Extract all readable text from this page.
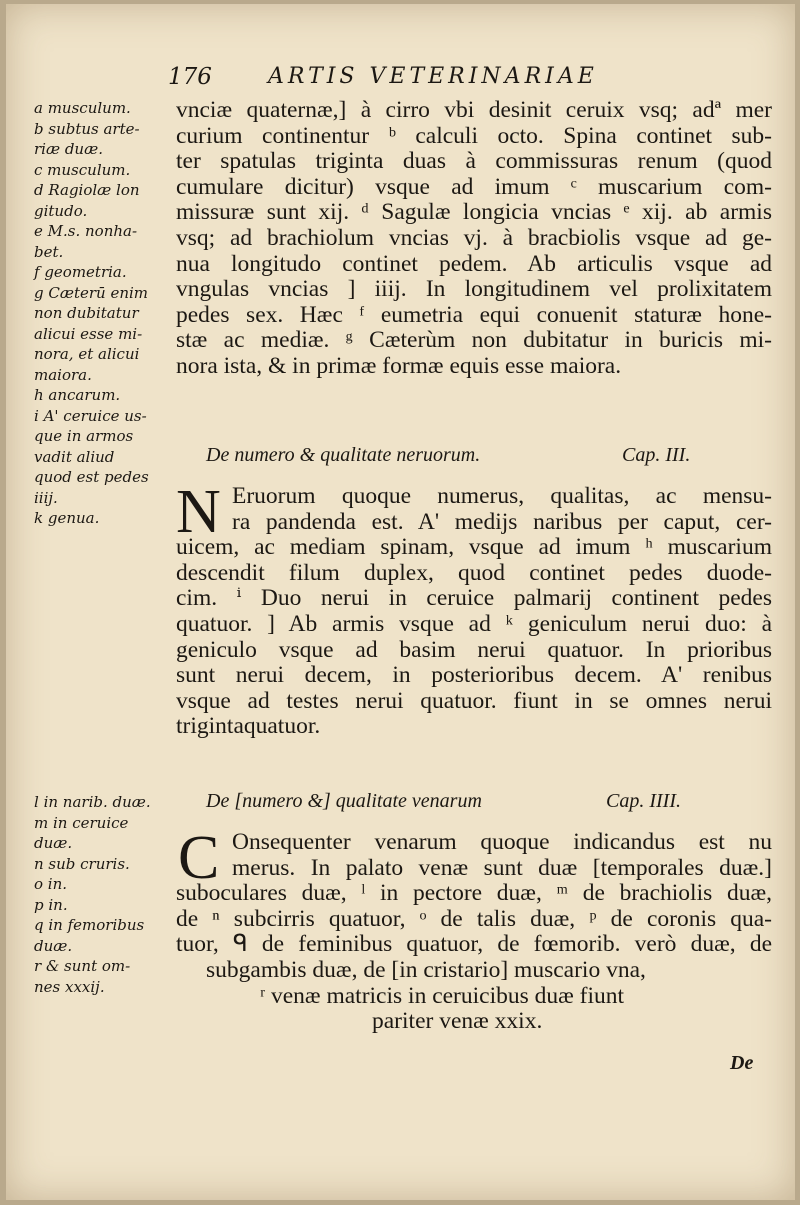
176	ARTIS VETERINARIAE

a musculum.

b subtus arte-
riæ duæ.

c musculum.

d Ragiolæ lon
gitudo.

e M.s. nonha-
bet.

f geometria.

g Cæterū enim
non dubitatur
alicui esse mi-
nora, et alicui
maiora.

h ancarum.

i A' ceruice us-
que in armos
vadit aliud
quod est pedes
iiij.

k genua.

l in narib. duæ.

m in ceruice
duæ.

n sub cruris.

o in.

p in.

q in femoribus
duæ.

r & sunt om-
nes xxxij.

vnciæ quaternæ,] à cirro vbi desinit ceruix vsq; adª mer
curium continentur ᵇ calculi octo. Spina continet sub-
ter spatulas triginta duas à commissuras renum (quod
cumulare dicitur) vsque ad imum ᶜ muscarium com-
missuræ sunt xij. ᵈ Sagulæ longicia vncias ᵉ xij. ab armis
vsq; ad brachiolum vncias vj. à bracbiolis vsque ad ge-
nua longitudo continet pedem. Ab articulis vsque ad
vngulas vncias ] iiij. In longitudinem vel prolixitatem
pedes sex. Hæc ᶠ eumetria equi conuenit staturæ hone-
stæ ac mediæ. ᵍ Cæterùm non dubitatur in buricis mi-
nora ista, & in primæ formæ equis esse maiora.
De numero & qualitate neruorum.	Cap. III.
N Eruorum quoque numerus, qualitas, ac mensu-
ra pandenda est. A' medijs naribus per caput, cer-
uicem, ac mediam spinam, vsque ad imum ʰ muscarium
descendit filum duplex, quod continet pedes duode-
cim. ⁱ Duo nerui in ceruice palmarij continent pedes
quatuor. ] Ab armis vsque ad ᵏ geniculum nerui duo: à
geniculo vsque ad basim nerui quatuor. In prioribus
sunt nerui decem, in posterioribus decem. A' renibus
vsque ad testes nerui quatuor. fiunt in se omnes nerui
trigintaquatuor.
De [numero &] qualitate venarum	Cap. IIII.
C Onsequenter venarum quoque indicandus est nu
merus. In palato venæ sunt duæ [temporales duæ.]
suboculares duæ, ˡ in pectore duæ, ᵐ de brachiolis duæ,
de ⁿ subcirris quatuor, ᵒ de talis duæ, ᵖ de coronis qua-
tuor, ᑫ de feminibus quatuor, de fœmorib. verò duæ, de
subgambis duæ, de [in cristario] muscario vna,
ʳ venæ matricis in ceruicibus duæ fiunt
pariter venæ xxix.
De
